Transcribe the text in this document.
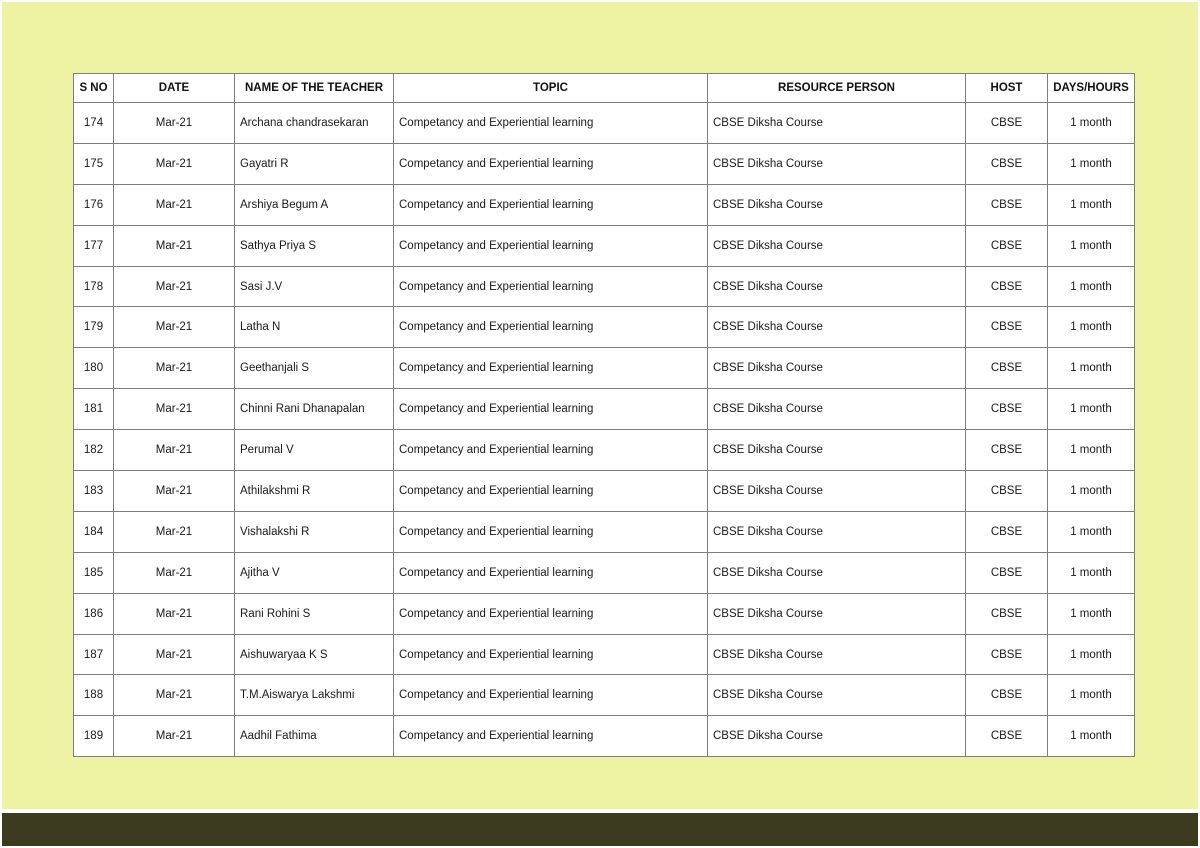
S NO	DATE	NAME OF THE TEACHER	TOPIC	RESOURCE PERSON	HOST	DAYS/HOURS
174	Mar-21	Archana chandrasekaran	Competancy and Experiential learning	CBSE Diksha Course	CBSE	1 month
175	Mar-21	Gayatri R	Competancy and Experiential learning	CBSE Diksha Course	CBSE	1 month
176	Mar-21	Arshiya Begum A	Competancy and Experiential learning	CBSE Diksha Course	CBSE	1 month
177	Mar-21	Sathya Priya S	Competancy and Experiential learning	CBSE Diksha Course	CBSE	1 month
178	Mar-21	Sasi J.V	Competancy and Experiential learning	CBSE Diksha Course	CBSE	1 month
179	Mar-21	Latha N	Competancy and Experiential learning	CBSE Diksha Course	CBSE	1 month
180	Mar-21	Geethanjali S	Competancy and Experiential learning	CBSE Diksha Course	CBSE	1 month
181	Mar-21	Chinni Rani Dhanapalan	Competancy and Experiential learning	CBSE Diksha Course	CBSE	1 month
182	Mar-21	Perumal V	Competancy and Experiential learning	CBSE Diksha Course	CBSE	1 month
183	Mar-21	Athilakshmi R	Competancy and Experiential learning	CBSE Diksha Course	CBSE	1 month
184	Mar-21	Vishalakshi R	Competancy and Experiential learning	CBSE Diksha Course	CBSE	1 month
185	Mar-21	Ajitha V	Competancy and Experiential learning	CBSE Diksha Course	CBSE	1 month
186	Mar-21	Rani Rohini S	Competancy and Experiential learning	CBSE Diksha Course	CBSE	1 month
187	Mar-21	Aishuwaryaa K S	Competancy and Experiential learning	CBSE Diksha Course	CBSE	1 month
188	Mar-21	T.M.Aiswarya Lakshmi	Competancy and Experiential learning	CBSE Diksha Course	CBSE	1 month
189	Mar-21	Aadhil Fathima	Competancy and Experiential learning	CBSE Diksha Course	CBSE	1 month
